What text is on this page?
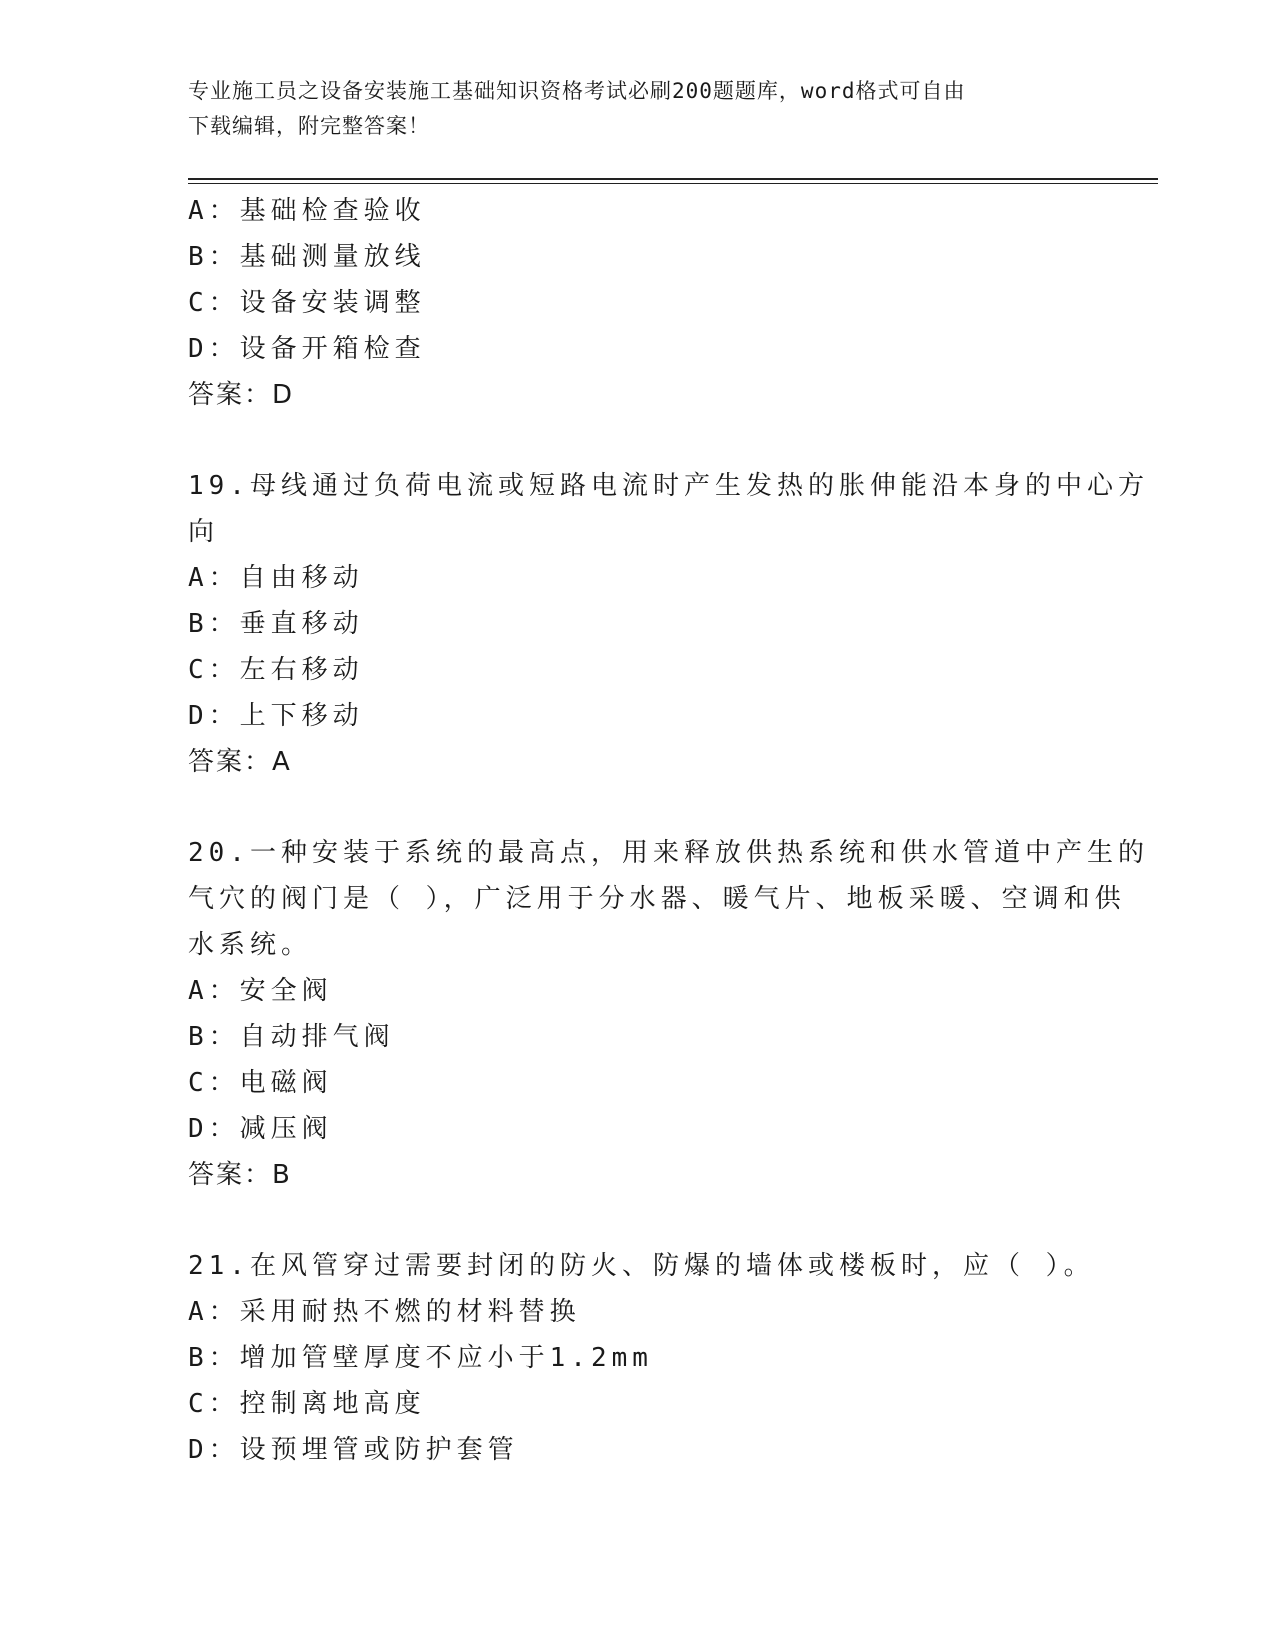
专业施工员之设备安装施工基础知识资格考试必刷200题题库，word格式可自由
下载编辑，附完整答案！
A：基础检查验收
B：基础测量放线
C：设备安装调整
D：设备开箱检查
答案：D
19.母线通过负荷电流或短路电流时产生发热的胀伸能沿本身的中心方
向
A：自由移动
B：垂直移动
C：左右移动
D：上下移动
答案：A
20.一种安装于系统的最高点，用来释放供热系统和供水管道中产生的
气穴的阀门是（ ），广泛用于分水器、暖气片、地板采暖、空调和供
水系统。
A：安全阀
B：自动排气阀
C：电磁阀
D：减压阀
答案：B
21.在风管穿过需要封闭的防火、防爆的墙体或楼板时，应（ ）。
A：采用耐热不燃的材料替换
B：增加管壁厚度不应小于1.2mm
C：控制离地高度
D：设预埋管或防护套管
